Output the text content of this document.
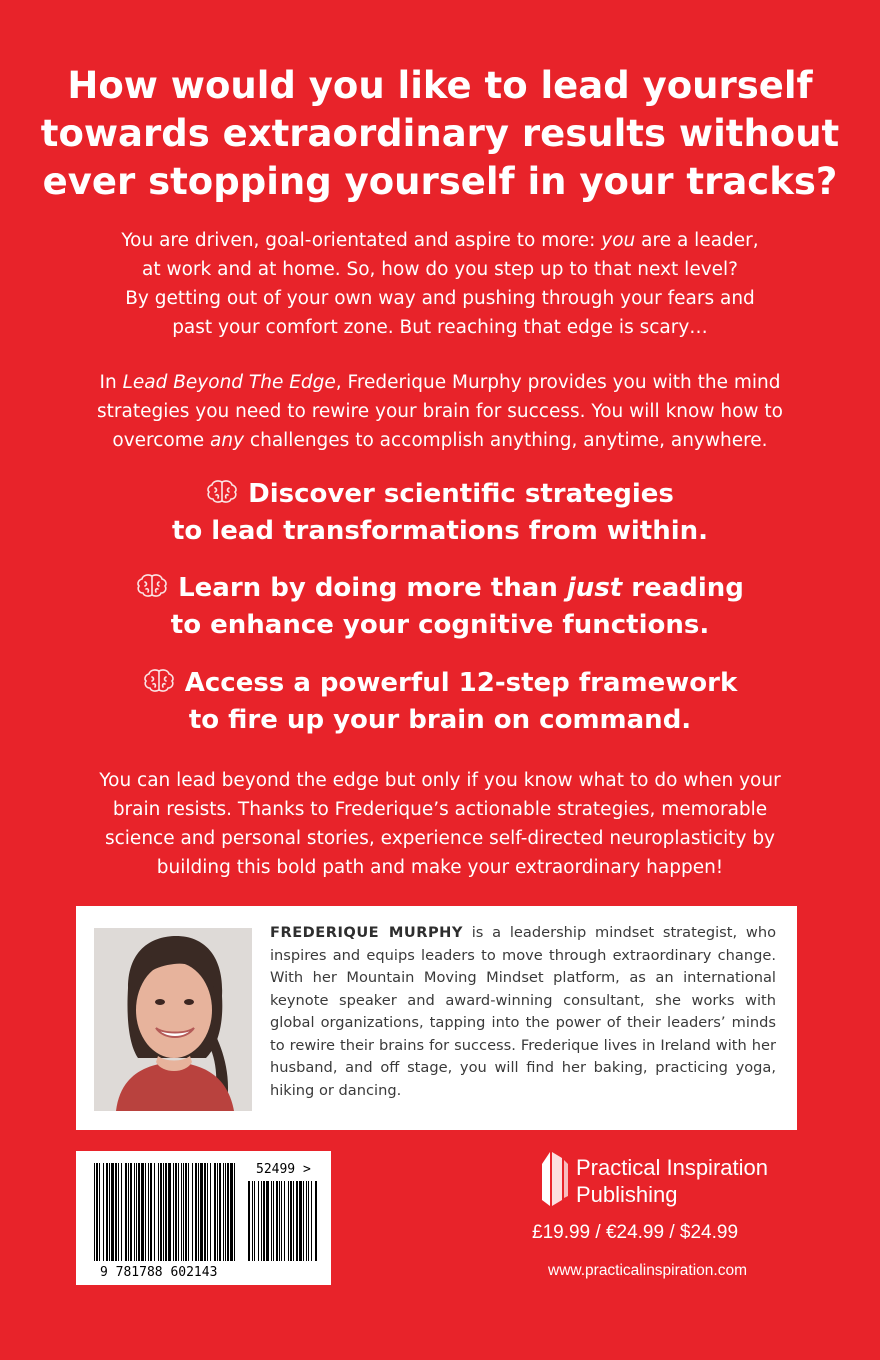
How would you like to lead yourself
towards extraordinary results without
ever stopping yourself in your tracks?
You are driven, goal-orientated and aspire to more: you are a leader,
at work and at home. So, how do you step up to that next level?
By getting out of your own way and pushing through your fears and
past your comfort zone. But reaching that edge is scary…
In Lead Beyond The Edge, Frederique Murphy provides you with the mind
strategies you need to rewire your brain for success. You will know how to
overcome any challenges to accomplish anything, anytime, anywhere.
Discover scientific strategies
to lead transformations from within.
Learn by doing more than just reading
to enhance your cognitive functions.
Access a powerful 12-step framework
to fire up your brain on command.
You can lead beyond the edge but only if you know what to do when your
brain resists. Thanks to Frederique’s actionable strategies, memorable
science and personal stories, experience self-directed neuroplasticity by
building this bold path and make your extraordinary happen!
FREDERIQUE MURPHY is a leadership mindset strategist, who inspires and equips leaders to move through extraordinary change. With her Mountain Moving Mindset platform, as an international keynote speaker and award-winning consultant, she works with global organizations, tapping into the power of their leaders’ minds to rewire their brains for success. Frederique lives in Ireland with her husband, and off stage, you will find her baking, practicing yoga, hiking or dancing.
9 781788 602143
52499 >	Practical Inspiration
Publishing
£19.99 / €24.99 / $24.99
www.practicalinspiration.com
